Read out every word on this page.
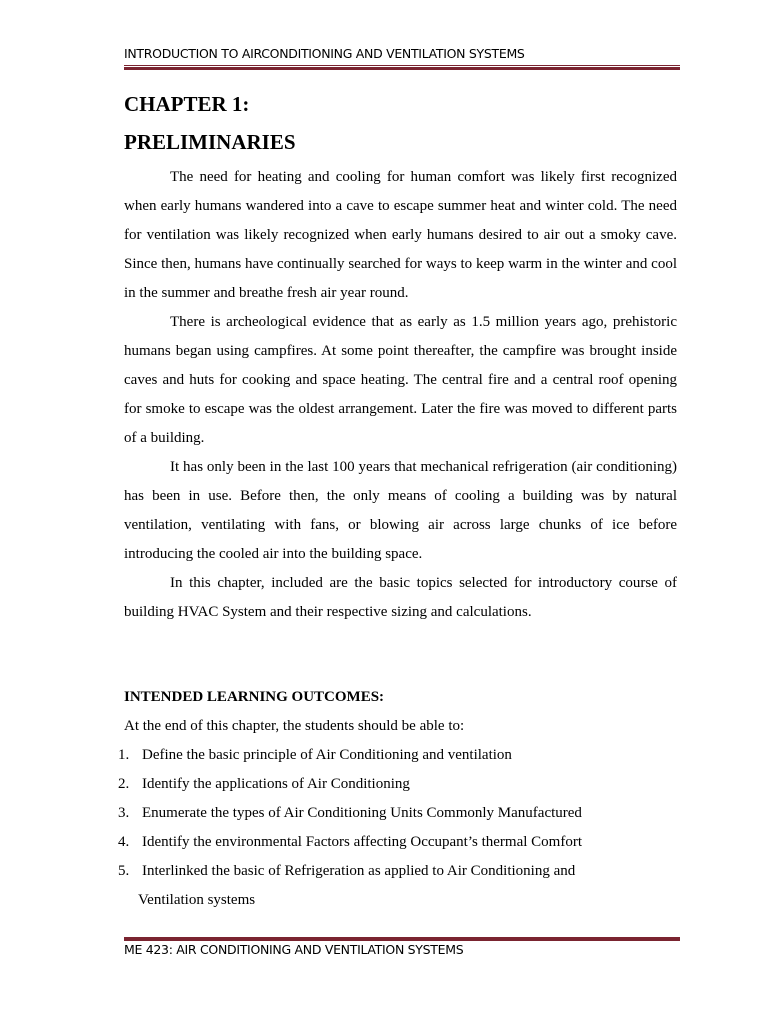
INTRODUCTION TO AIRCONDITIONING AND VENTILATION SYSTEMS
CHAPTER 1:
PRELIMINARIES

The need for heating and cooling for human comfort was likely first recognized when early humans wandered into a cave to escape summer heat and winter cold. The need for ventilation was likely recognized when early humans desired to air out a smoky cave. Since then, humans have continually searched for ways to keep warm in the winter and cool in the summer and breathe fresh air year round.

There is archeological evidence that as early as 1.5 million years ago, prehistoric humans began using campfires. At some point thereafter, the campfire was brought inside caves and huts for cooking and space heating. The central fire and a central roof opening for smoke to escape was the oldest arrangement. Later the fire was moved to different parts of a building.

It has only been in the last 100 years that mechanical refrigeration (air conditioning) has been in use. Before then, the only means of cooling a building was by natural ventilation, ventilating with fans, or blowing air across large chunks of ice before introducing the cooled air into the building space.

In this chapter, included are the basic topics selected for introductory course of building HVAC System and their respective sizing and calculations.

INTENDED LEARNING OUTCOMES:

At the end of this chapter, the students should be able to:

1. Define the basic principle of Air Conditioning and ventilation
2. Identify the applications of Air Conditioning
3. Enumerate the types of Air Conditioning Units Commonly Manufactured
4. Identify the environmental Factors affecting Occupant’s thermal Comfort
5. Interlinked the basic of Refrigeration as applied to Air Conditioning and
Ventilation systems
ME 423: AIR CONDITIONING AND VENTILATION SYSTEMS
